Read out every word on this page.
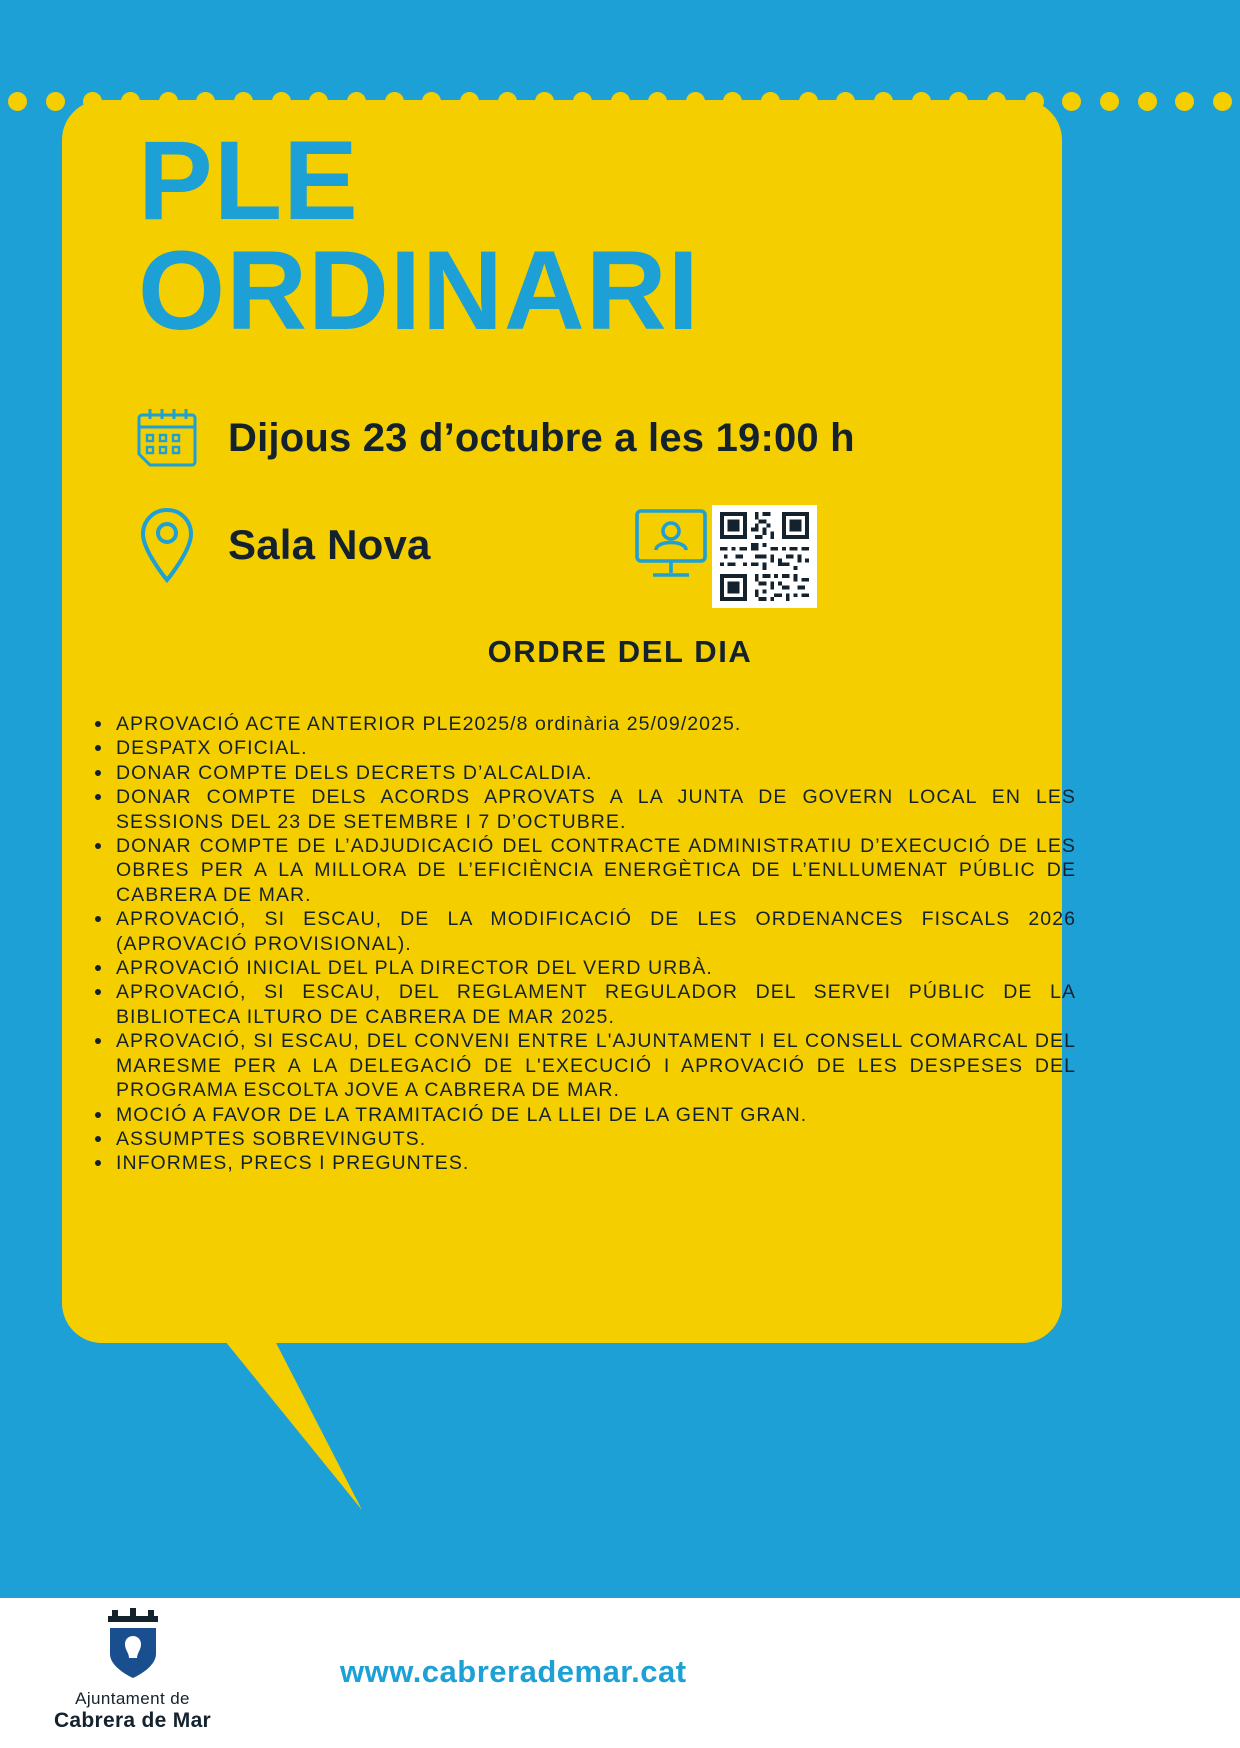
PLE
ORDINARI
Dijous 23 d’octubre a les 19:00 h
Sala Nova
ORDRE DEL DIA
APROVACIÓ ACTE ANTERIOR PLE2025/8 ordinària 25/09/2025.
DESPATX OFICIAL.
DONAR COMPTE DELS DECRETS D’ALCALDIA.
DONAR COMPTE DELS ACORDS APROVATS A LA JUNTA DE GOVERN LOCAL EN LES SESSIONS DEL 23 DE SETEMBRE I 7 D’OCTUBRE.
DONAR COMPTE DE L’ADJUDICACIÓ DEL CONTRACTE ADMINISTRATIU D’EXECUCIÓ DE LES OBRES PER A LA MILLORA DE L’EFICIÈNCIA ENERGÈTICA DE L’ENLLUMENAT PÚBLIC DE CABRERA DE MAR.
APROVACIÓ, SI ESCAU, DE LA MODIFICACIÓ DE LES ORDENANCES FISCALS 2026 (APROVACIÓ PROVISIONAL).
APROVACIÓ INICIAL DEL PLA DIRECTOR DEL VERD URBÀ.
APROVACIÓ, SI ESCAU, DEL REGLAMENT REGULADOR DEL SERVEI PÚBLIC DE LA BIBLIOTECA ILTURO DE CABRERA DE MAR 2025.
APROVACIÓ, SI ESCAU, DEL CONVENI ENTRE L'AJUNTAMENT I EL CONSELL COMARCAL DEL MARESME PER A LA DELEGACIÓ DE L'EXECUCIÓ I APROVACIÓ DE LES DESPESES DEL PROGRAMA ESCOLTA JOVE A CABRERA DE MAR.
MOCIÓ A FAVOR DE LA TRAMITACIÓ DE LA LLEI DE LA GENT GRAN.
ASSUMPTES SOBREVINGUTS.
INFORMES, PRECS I PREGUNTES.
Ajuntament de
Cabrera de Mar
www.cabrerademar.cat
